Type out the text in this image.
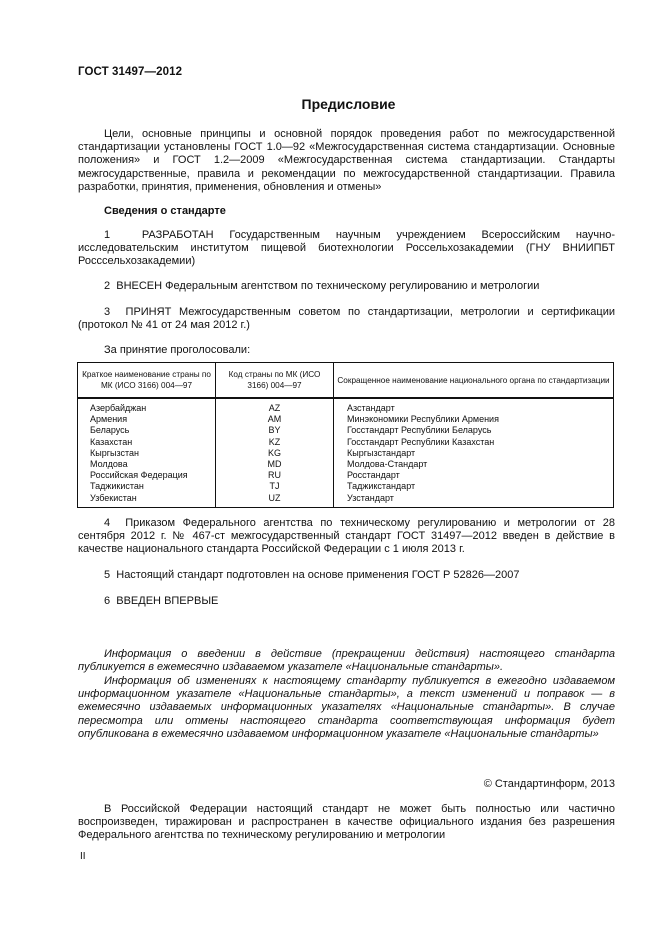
ГОСТ 31497—2012
Предисловие

Цели, основные принципы и основной порядок проведения работ по межгосударственной стандартизации установлены ГОСТ 1.0—92 «Межгосударственная система стандартизации. Основные положения» и ГОСТ 1.2—2009 «Межгосударственная система стандартизации. Стандарты межгосударственные, правила и рекомендации по межгосударственной стандартизации. Правила разработки, принятия, применения, обновления и отмены»

Сведения о стандарте

1	РАЗРАБОТАН Государственным научным учреждением Всероссийским научно-исследовательским институтом пищевой биотехнологии Россельхозакадемии (ГНУ ВНИИПБТ Росссельхозакадемии)

2 ВНЕСЕН Федеральным агентством по техническому регулированию и метрологии

3 ПРИНЯТ Межгосударственным советом по стандартизации, метрологии и сертификации (протокол № 41 от 24 мая 2012 г.)

За принятие проголосовали:

Краткое наименование страны по МК (ИСО 3166) 004—97	Код страны по МК (ИСО 3166) 004—97	Сокращенное наименование национального органа по стандартизации
Азербайджан	AZ	Азстандарт
Армения	AM	Минэкономики Республики Армения
Беларусь	BY	Госстандарт Республики Беларусь
Казахстан	KZ	Госстандарт Республики Казахстан
Кыргызстан	KG	Кыргызстандарт
Молдова	MD	Молдова-Стандарт
Российская Федерация	RU	Росстандарт
Таджикистан	TJ	Таджикстандарт
Узбекистан	UZ	Узстандарт

4 Приказом Федерального агентства по техническому регулированию и метрологии от 28 сентября 2012 г. № 467-ст межгосударственный стандарт ГОСТ 31497—2012 введен в действие в качестве национального стандарта Российской Федерации с 1 июля 2013 г.

5 Настоящий стандарт подготовлен на основе применения ГОСТ Р 52826—2007

6 ВВЕДЕН ВПЕРВЫЕ

Информация о введении в действие (прекращении действия) настоящего стандарта публикуется в ежемесячно издаваемом указателе «Национальные стандарты».

Информация об изменениях к настоящему стандарту публикуется в ежегодно издаваемом информационном указателе «Национальные стандарты», а текст изменений и поправок — в ежемесячно издаваемых информационных указателях «Национальные стандарты». В случае пересмотра или отмены настоящего стандарта соответствующая информация будет опубликована в ежемесячно издаваемом информационном указателе «Национальные стандарты»

© Стандартинформ, 2013

В Российской Федерации настоящий стандарт не может быть полностью или частично воспроизведен, тиражирован и распространен в качестве официального издания без разрешения Федерального агентства по техническому регулированию и метрологии

II
